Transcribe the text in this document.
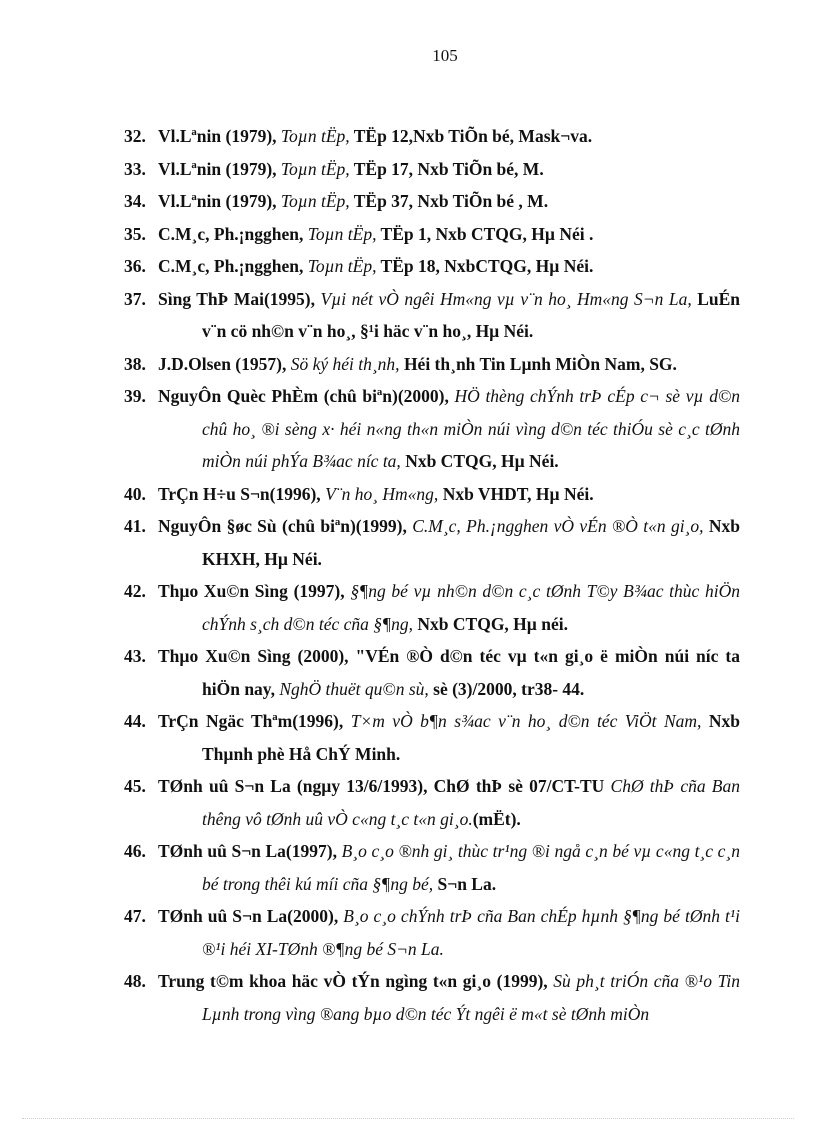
105
32. Vl.Lªnin (1979), Toµn tËp, TËp 12,Nxb TiÕn bé, Mask¬va.
33. Vl.Lªnin (1979), Toµn tËp, TËp 17, Nxb TiÕn bé, M.
34. Vl.Lªnin (1979), Toµn tËp, TËp 37, Nxb TiÕn bé , M.
35. C.M¸c, Ph.¡ngghen, Toµn tËp, TËp 1, Nxb CTQG, Hµ Néi .
36. C.M¸c, Ph.¡ngghen, Toµn tËp, TËp 18, NxbCTQG, Hµ Néi.
37. Sìng ThÞ Mai(1995), Vµi nét vÒ ngêi Hm«ng vµ v¨n ho¸ Hm«ng S¬n La, LuÉn v¨n cö nh©n v¨n ho¸, §¹i häc v¨n ho¸, Hµ Néi.
38. J.D.Olsen (1957), Sö ký héi th¸nh, Héi th¸nh Tin Lµnh MiÒn Nam, SG.
39. NguyÔn Quèc PhÈm (chû biªn)(2000), HÖ thèng chÝnh trÞ cÉp c¬ sè vµ d©n chû ho¸ ®i sèng x· héi n«ng th«n miÒn núi vìng d©n téc thiÓu sè c¸c tØnh miÒn núi phÝa B¾ac níc ta, Nxb CTQG, Hµ Néi.
40. TrÇn H÷u S¬n(1996), V¨n ho¸ Hm«ng, Nxb VHDT, Hµ Néi.
41. NguyÔn §øc Sù (chû biªn)(1999), C.M¸c, Ph.¡ngghen vÒ vÉn ®Ò t«n gi¸o, Nxb KHXH, Hµ Néi.
42. Thµo Xu©n Sìng (1997), §¶ng bé vµ nh©n d©n c¸c tØnh T©y B¾ac thùc hiÖn chÝnh s¸ch d©n téc cña §¶ng, Nxb CTQG, Hµ néi.
43. Thµo Xu©n Sìng (2000), "VÉn ®Ò d©n téc vµ t«n gi¸o ë miÒn núi níc ta hiÖn nay, NghÖ thuët qu©n sù, sè (3)/2000, tr38- 44.
44. TrÇn Ngäc Thªm(1996), T×m vÒ b¶n s¾ac v¨n ho¸ d©n téc ViÖt Nam, Nxb Thµnh phè Hå ChÝ Minh.
45. TØnh uû S¬n La (ngµy 13/6/1993), ChØ thÞ sè 07/CT-TU ChØ thÞ cña Ban thêng vô tØnh uû vÒ c«ng t¸c t«n gi¸o.(mËt).
46. TØnh uû S¬n La(1997), B¸o c¸o ®nh gi¸ thùc tr¹ng ®i ngå c¸n bé vµ c«ng t¸c c¸n bé trong thêi kú míi cña §¶ng bé, S¬n La.
47. TØnh uû S¬n La(2000), B¸o c¸o chÝnh trÞ cña Ban chÉp hµnh §¶ng bé tØnh t¹i ®¹i héi XI-TØnh ®¶ng bé S¬n La.
48. Trung t©m khoa häc vÒ tÝn ngìng t«n gi¸o (1999), Sù ph¸t triÓn cña ®¹o Tin Lµnh trong vìng ®ang bµo d©n téc Ýt ngêi ë m«t sè tØnh miÒn
